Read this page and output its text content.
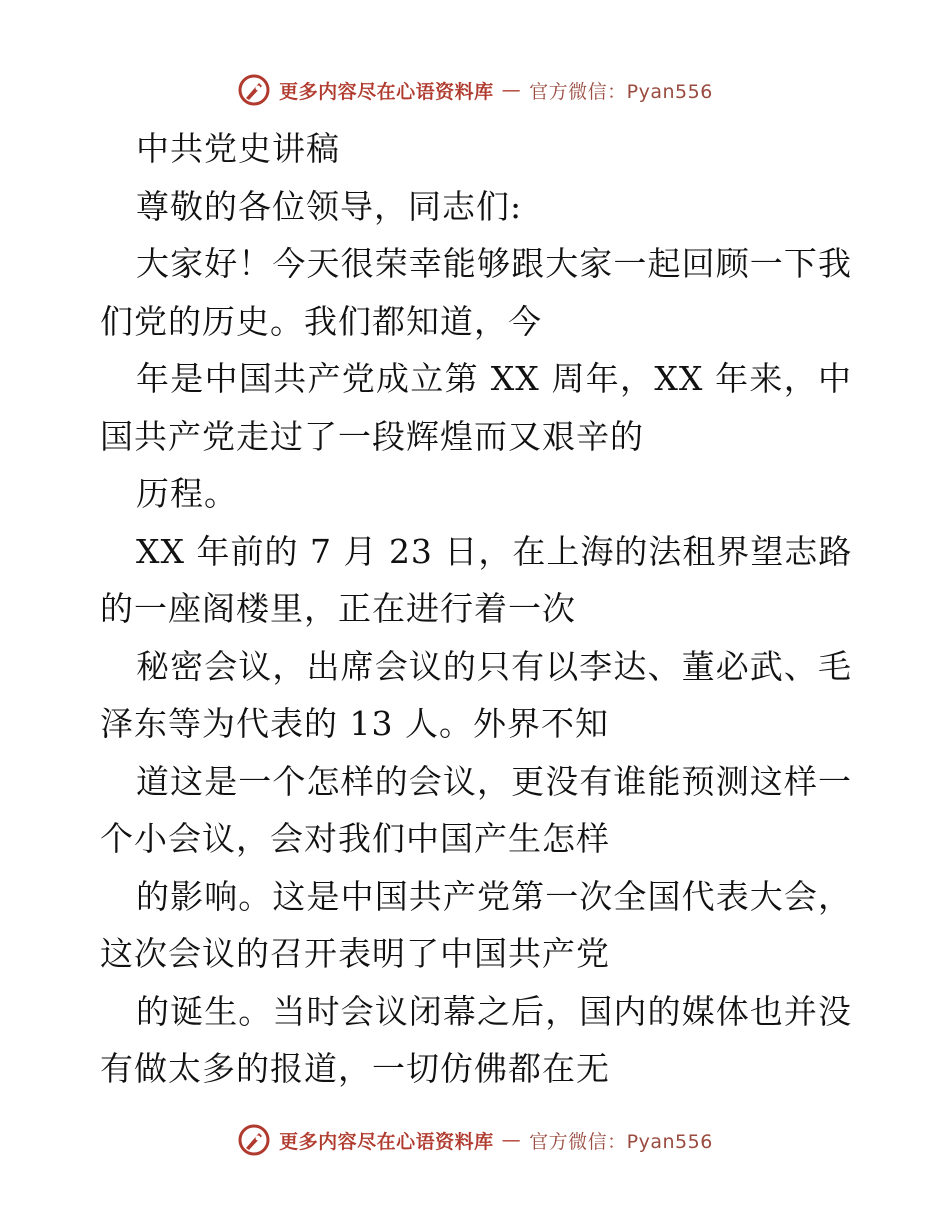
更多内容尽在心语资料库 — 官方微信：Pyan556
中共党史讲稿
尊敬的各位领导，同志们:
大家好！今天很荣幸能够跟大家一起回顾一下我
们党的历史。我们都知道，今
年是中国共产党成立第 XX 周年，XX 年来，中
国共产党走过了一段辉煌而又艰辛的
历程。
XX 年前的 7 月 23 日，在上海的法租界望志路
的一座阁楼里，正在进行着一次
秘密会议，出席会议的只有以李达、董必武、毛
泽东等为代表的 13 人。外界不知
道这是一个怎样的会议，更没有谁能预测这样一
个小会议，会对我们中国产生怎样
的影响。这是中国共产党第一次全国代表大会，
这次会议的召开表明了中国共产党
的诞生。当时会议闭幕之后，国内的媒体也并没
有做太多的报道，一切仿佛都在无
更多内容尽在心语资料库 — 官方微信：Pyan556
